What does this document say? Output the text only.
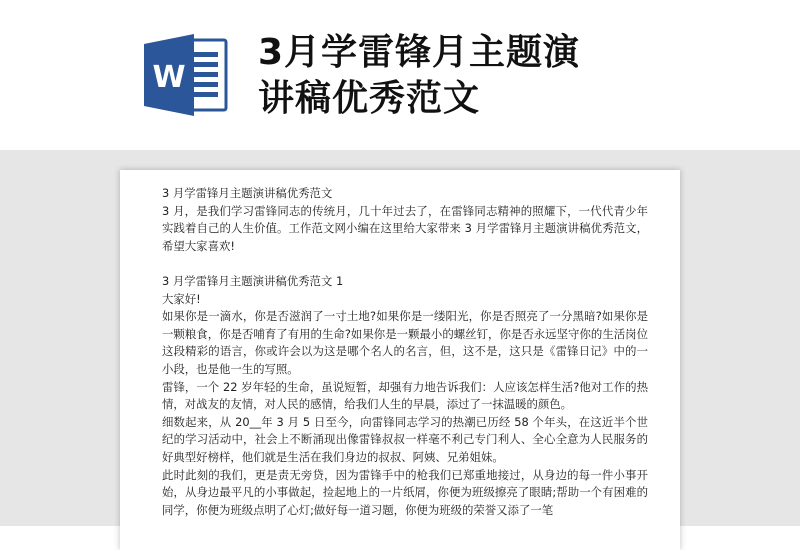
W
3月学雷锋月主题演
讲稿优秀范文

3 月学雷锋月主题演讲稿优秀范文

3 月，是我们学习雷锋同志的传统月，几十年过去了，在雷锋同志精神的照耀下，一代代青少年实践着自己的人生价值。工作范文网小编在这里给大家带来 3 月学雷锋月主题演讲稿优秀范文，希望大家喜欢!

3 月学雷锋月主题演讲稿优秀范文 1

大家好!

如果你是一滴水，你是否滋润了一寸土地?如果你是一缕阳光，你是否照亮了一分黑暗?如果你是一颗粮食，你是否哺育了有用的生命?如果你是一颗最小的螺丝钉，你是否永远坚守你的生活岗位这段精彩的语言，你或许会以为这是哪个名人的名言，但，这不是，这只是《雷锋日记》中的一小段，也是他一生的写照。

雷锋，一个 22 岁年轻的生命，虽说短暂，却强有力地告诉我们：人应该怎样生活?他对工作的热情，对战友的友情，对人民的感情，给我们人生的早晨，添过了一抹温暖的颜色。

细数起来，从 20__年 3 月 5 日至今，向雷锋同志学习的热潮已历经 58 个年头，在这近半个世纪的学习活动中，社会上不断涌现出像雷锋叔叔一样毫不利己专门利人、全心全意为人民服务的好典型好榜样，他们就是生活在我们身边的叔叔、阿姨、兄弟姐妹。

此时此刻的我们，更是责无旁贷，因为雷锋手中的枪我们已郑重地接过，从身边的每一件小事开始，从身边最平凡的小事做起，捡起地上的一片纸屑，你便为班级擦亮了眼睛;帮助一个有困难的同学，你便为班级点明了心灯;做好每一道习题，你便为班级的荣誉又添了一笔
